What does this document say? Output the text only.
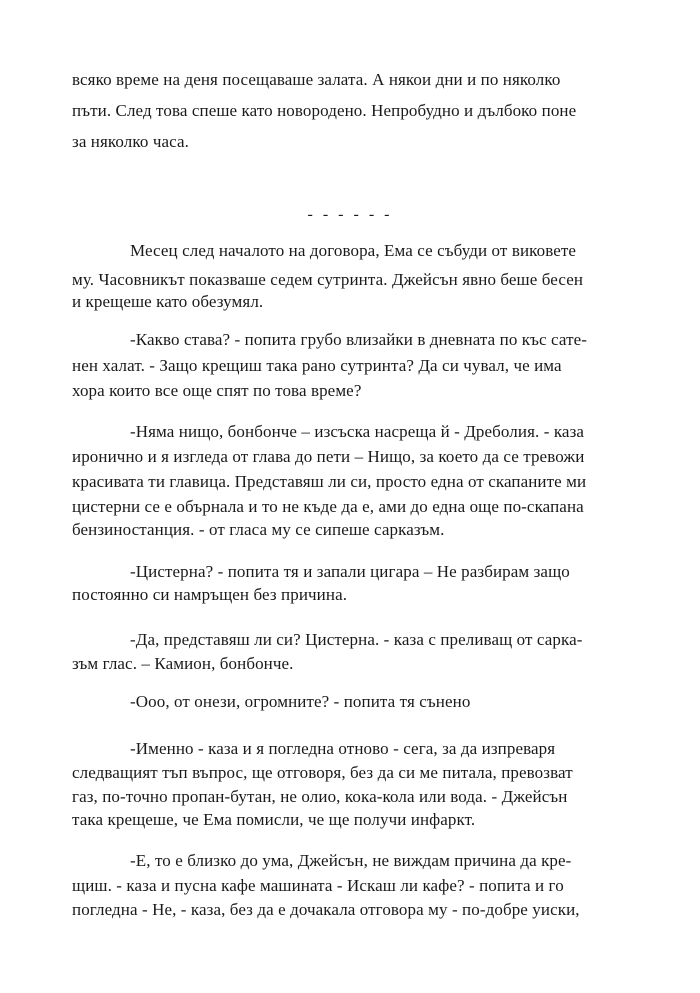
всяко време на деня посещаваше залата. А някои дни и по няколко
пъти. След това спеше като новородено. Непробудно и дълбоко поне
за няколко часа.
- - - - - -
Месец след началото на договора, Ема се събуди от виковете
му. Часовникът показваше седем сутринта. Джейсън явно беше бесен
и крещеше като обезумял.
-Какво става? - попита грубо влизайки в дневната по къс сате-
нен халат. - Защо крещиш така рано сутринта? Да си чувал, че има
хора които все още спят по това време?
-Няма нищо, бонбонче – изсъска насреща й - Дреболия. - каза
иронично и я изгледа от глава до пети – Нищо, за което да се тревожи
красивата ти главица. Представяш ли си, просто една от скапаните ми
цистерни се е обърнала и то не къде да е, ами до една още по-скапана
бензиностанция. - от гласа му се сипеше сарказъм.
-Цистерна? - попита тя и запали цигара – Не разбирам защо
постоянно си намръщен без причина.
-Да, представяш ли си? Цистерна. - каза с преливащ от сарка-
зъм глас. – Камион, бонбонче.
-Ооо, от онези, огромните? - попита тя сънено
-Именно - каза и я погледна отново - сега, за да изпреваря
следващият тъп въпрос, ще отговоря, без да си ме питала, превозват
газ, по-точно пропан-бутан, не олио, кока-кола или вода. - Джейсън
така крещеше, че Ема помисли, че ще получи инфаркт.
-Е, то е близко до ума, Джейсън, не виждам причина да кре-
щиш. - каза и пусна кафе машината - Искаш ли кафе? - попита и го
погледна - Не, - каза, без да е дочакала отговора му - по-добре уиски,
